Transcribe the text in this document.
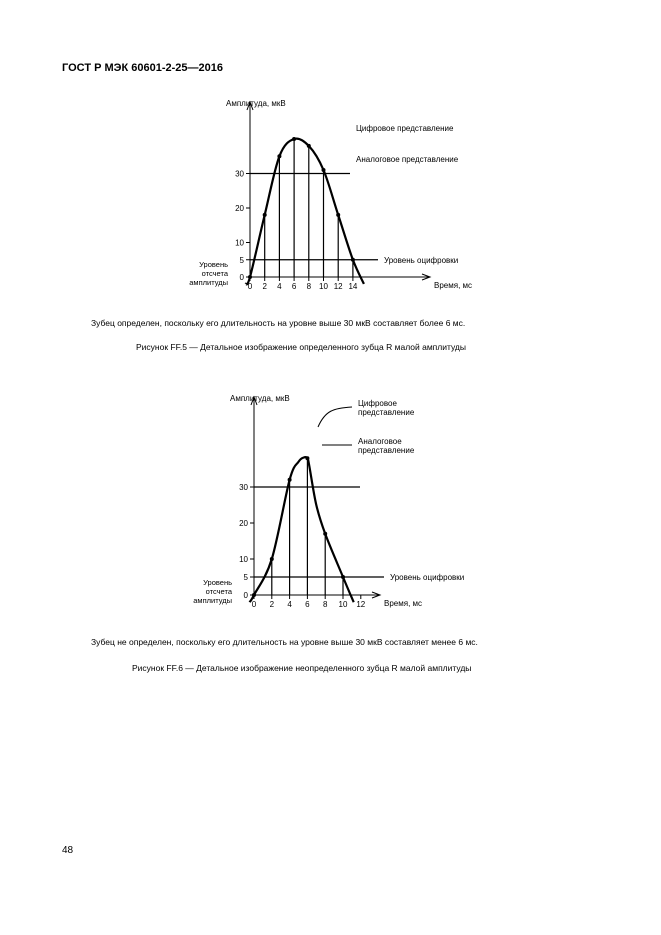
ГОСТ Р МЭК 60601-2-25—2016
Амплитуда, мкВ
Время, мс
0
5
10
20
30
0 2 4 6 8 10 12 14
Уровень
отсчета
амплитуды
Уровень оцифровки
Цифровое представление
Аналоговое представление
Зубец определен, поскольку его длительность на уровне выше 30 мкВ составляет более 6 мс.
Рисунок FF.5 — Детальное изображение определенного зубца R малой амплитуды
Амплитуда, мкВ
Время, мс
0
5
10
20
30
0 2 4 6 8 10 12
Уровень
отсчета
амплитуды
Уровень оцифровки
Цифровое
представление
Аналоговое
представление
Зубец не определен, поскольку его длительность на уровне выше 30 мкВ составляет менее 6 мс.
Рисунок FF.6 — Детальное изображение неопределенного зубца R малой амплитуды
48
